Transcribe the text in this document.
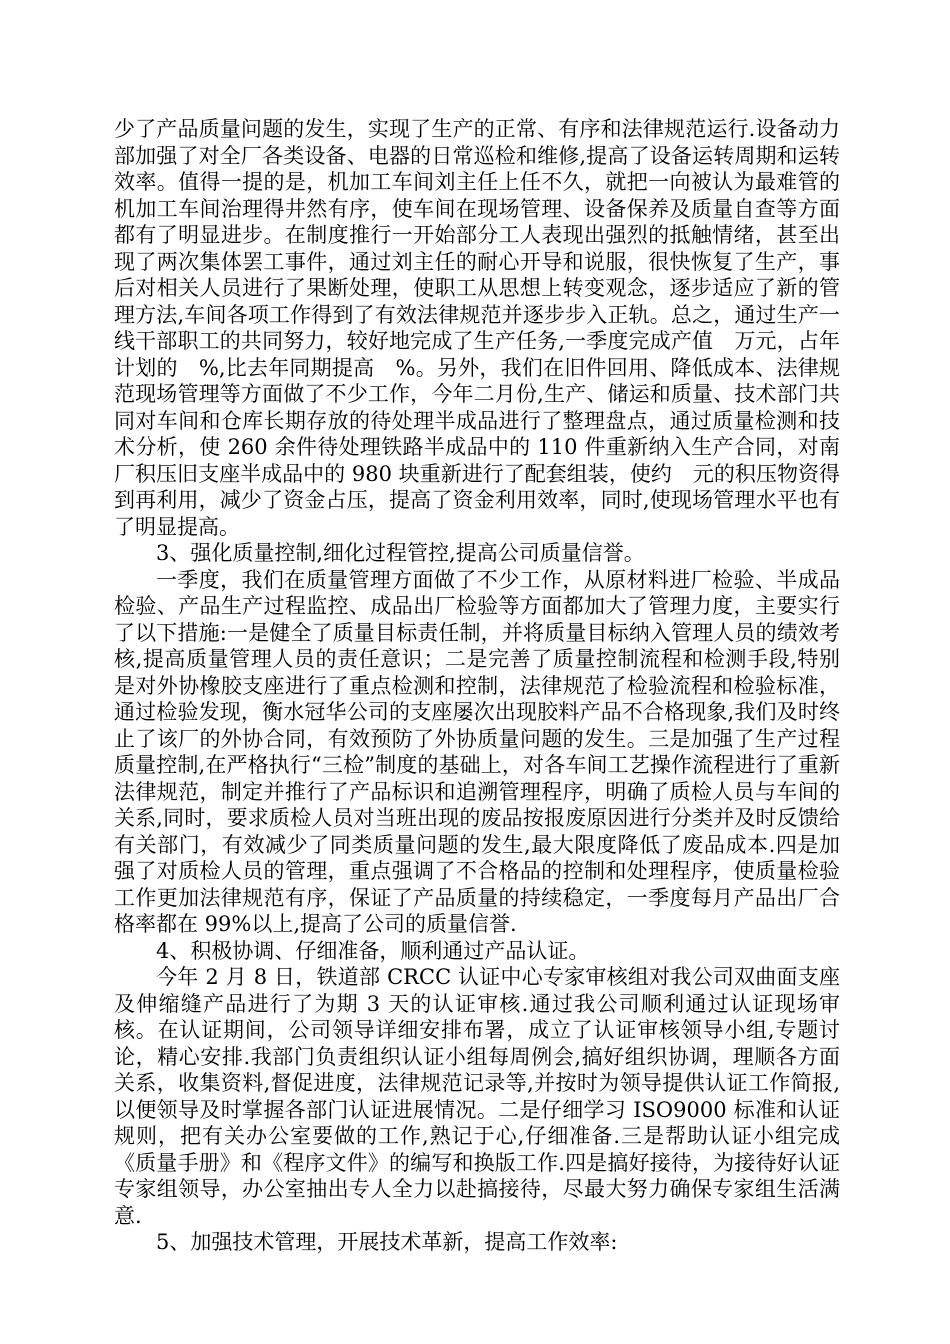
少了产品质量问题的发生，实现了生产的正常、有序和法律规范运行.设备动力部加强了对全厂各类设备、电器的日常巡检和维修,提高了设备运转周期和运转效率。值得一提的是，机加工车间刘主任上任不久，就把一向被认为最难管的机加工车间治理得井然有序，使车间在现场管理、设备保养及质量自查等方面都有了明显进步。在制度推行一开始部分工人表现出强烈的抵触情绪，甚至出现了两次集体罢工事件，通过刘主任的耐心开导和说服，很快恢复了生产，事后对相关人员进行了果断处理，使职工从思想上转变观念，逐步适应了新的管理方法,车间各项工作得到了有效法律规范并逐步步入正轨。总之，通过生产一线干部职工的共同努力，较好地完成了生产任务,一季度完成产值　万元，占年计划的　%,比去年同期提高　%。另外，我们在旧件回用、降低成本、法律规范现场管理等方面做了不少工作，今年二月份,生产、储运和质量、技术部门共同对车间和仓库长期存放的待处理半成品进行了整理盘点，通过质量检测和技术分析，使 260 余件待处理铁路半成品中的 110 件重新纳入生产合同，对南厂积压旧支座半成品中的 980 块重新进行了配套组装，使约　元的积压物资得到再利用，减少了资金占压，提高了资金利用效率，同时,使现场管理水平也有了明显提高。

3、强化质量控制,细化过程管控,提高公司质量信誉。

一季度，我们在质量管理方面做了不少工作，从原材料进厂检验、半成品检验、产品生产过程监控、成品出厂检验等方面都加大了管理力度，主要实行了以下措施:一是健全了质量目标责任制，并将质量目标纳入管理人员的绩效考核,提高质量管理人员的责任意识；二是完善了质量控制流程和检测手段,特别是对外协橡胶支座进行了重点检测和控制，法律规范了检验流程和检验标准，通过检验发现，衡水冠华公司的支座屡次出现胶料产品不合格现象,我们及时终止了该厂的外协合同，有效预防了外协质量问题的发生。三是加强了生产过程质量控制,在严格执行“三检”制度的基础上，对各车间工艺操作流程进行了重新法律规范，制定并推行了产品标识和追溯管理程序，明确了质检人员与车间的关系,同时，要求质检人员对当班出现的废品按报废原因进行分类并及时反馈给有关部门，有效减少了同类质量问题的发生,最大限度降低了废品成本.四是加强了对质检人员的管理，重点强调了不合格品的控制和处理程序，使质量检验工作更加法律规范有序，保证了产品质量的持续稳定，一季度每月产品出厂合格率都在 99%以上,提高了公司的质量信誉.

4、积极协调、仔细准备，顺利通过产品认证。

今年 2 月 8 日，铁道部 CRCC 认证中心专家审核组对我公司双曲面支座及伸缩缝产品进行了为期 3 天的认证审核.通过我公司顺利通过认证现场审核。在认证期间，公司领导详细安排布署，成立了认证审核领导小组,专题讨论，精心安排.我部门负责组织认证小组每周例会,搞好组织协调，理顺各方面关系，收集资料,督促进度，法律规范记录等,并按时为领导提供认证工作简报,以便领导及时掌握各部门认证进展情况。二是仔细学习 ISO9000 标准和认证规则，把有关办公室要做的工作,熟记于心,仔细准备.三是帮助认证小组完成《质量手册》和《程序文件》的编写和换版工作.四是搞好接待，为接待好认证专家组领导，办公室抽出专人全力以赴搞接待，尽最大努力确保专家组生活满意.

5、加强技术管理，开展技术革新，提高工作效率:
